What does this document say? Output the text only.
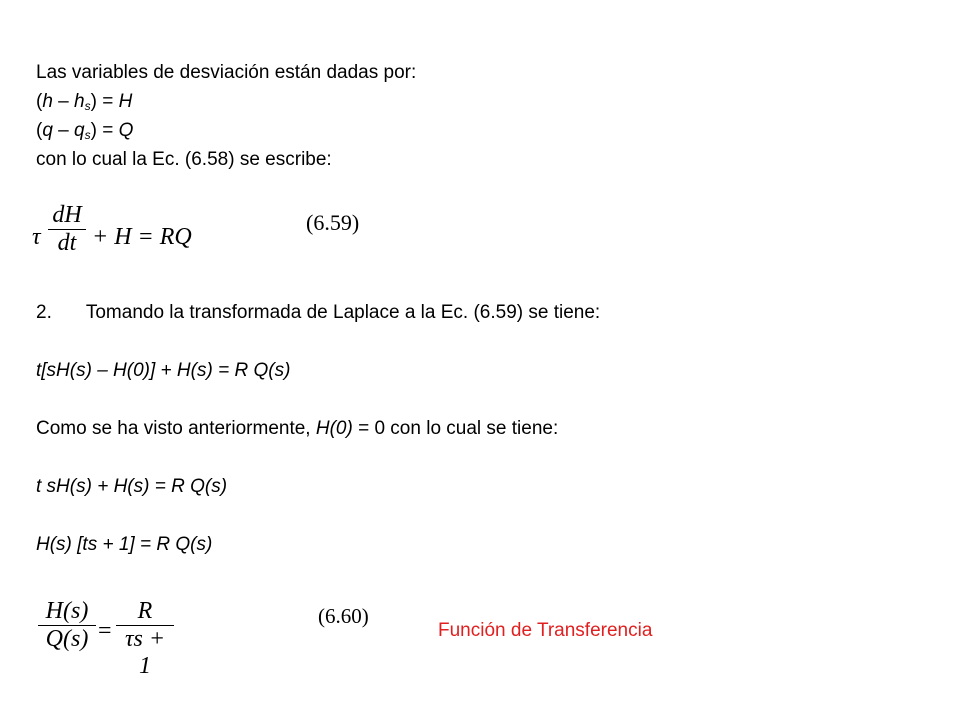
Las variables de desviación están dadas por:
$(h - h_s) = H$
$(q - q_s) = Q$
con lo cual la Ec. (6.58) se escribe:
τ
dH
dt + H = RQ
(6.59)
2. Tomando la transformada de Laplace a la Ec. (6.59) se tiene:
t[sH(s) – H(0)] + H(s) = R Q(s)
Como se ha visto anteriormente, H(0) = 0 con lo cual se tiene:
t sH(s) + H(s) = R Q(s)
H(s) [ts + 1] = R Q(s)
H(s)
Q(s) =
R
τs + 1
(6.60)
Función de Transferencia
